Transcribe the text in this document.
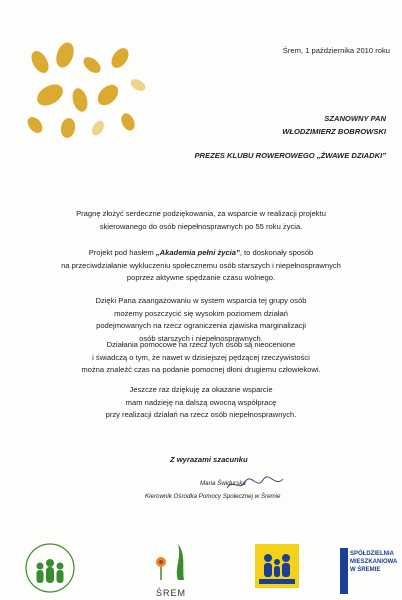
Śrem, 1 października 2010 roku
SZANOWNY PAN
WŁODZIMIERZ BOBROWSKI
PREZES KLUBU ROWEROWEGO „ŻWAWE DZIADKI”
Pragnę złożyć serdeczne podziękowania, za wsparcie w realizacji projektu
skierowanego do osób niepełnosprawnych po 55 roku życia.
Projekt pod hasłem „Akademia pełni życia”, to doskonały sposób
na przeciwdziałanie wykluczeniu społecznemu osób starszych i niepełnosprawnych
poprzez aktywne spędzanie czasu wolnego.
Dzięki Pana zaangażowaniu w system wsparcia tej grupy osób
możemy poszczycić się wysokim poziomem działań
podejmowanych na rzecz ograniczenia zjawiska marginalizacji
osób starszych i niepełnosprawnych.
Działania pomocowe na rzecz tych osób są nieocenione
i świadczą o tym, że nawet w dzisiejszej pędzącej rzeczywistości
można znaleźć czas na podanie pomocnej dłoni drugiemu człowiekowi.
Jeszcze raz dziękuję za okazane wsparcie
mam nadzieję na dalszą owocną współpracę
przy realizacji działań na rzecz osób niepełnosprawnych.
Z wyrazami szacunku
Maria Świdurska
Kierownik Ośrodka Pomocy Społecznej w Śremie
ŚREM
SPÓŁDZIELNIA
MIESZKANIOWA
W ŚREMIE
